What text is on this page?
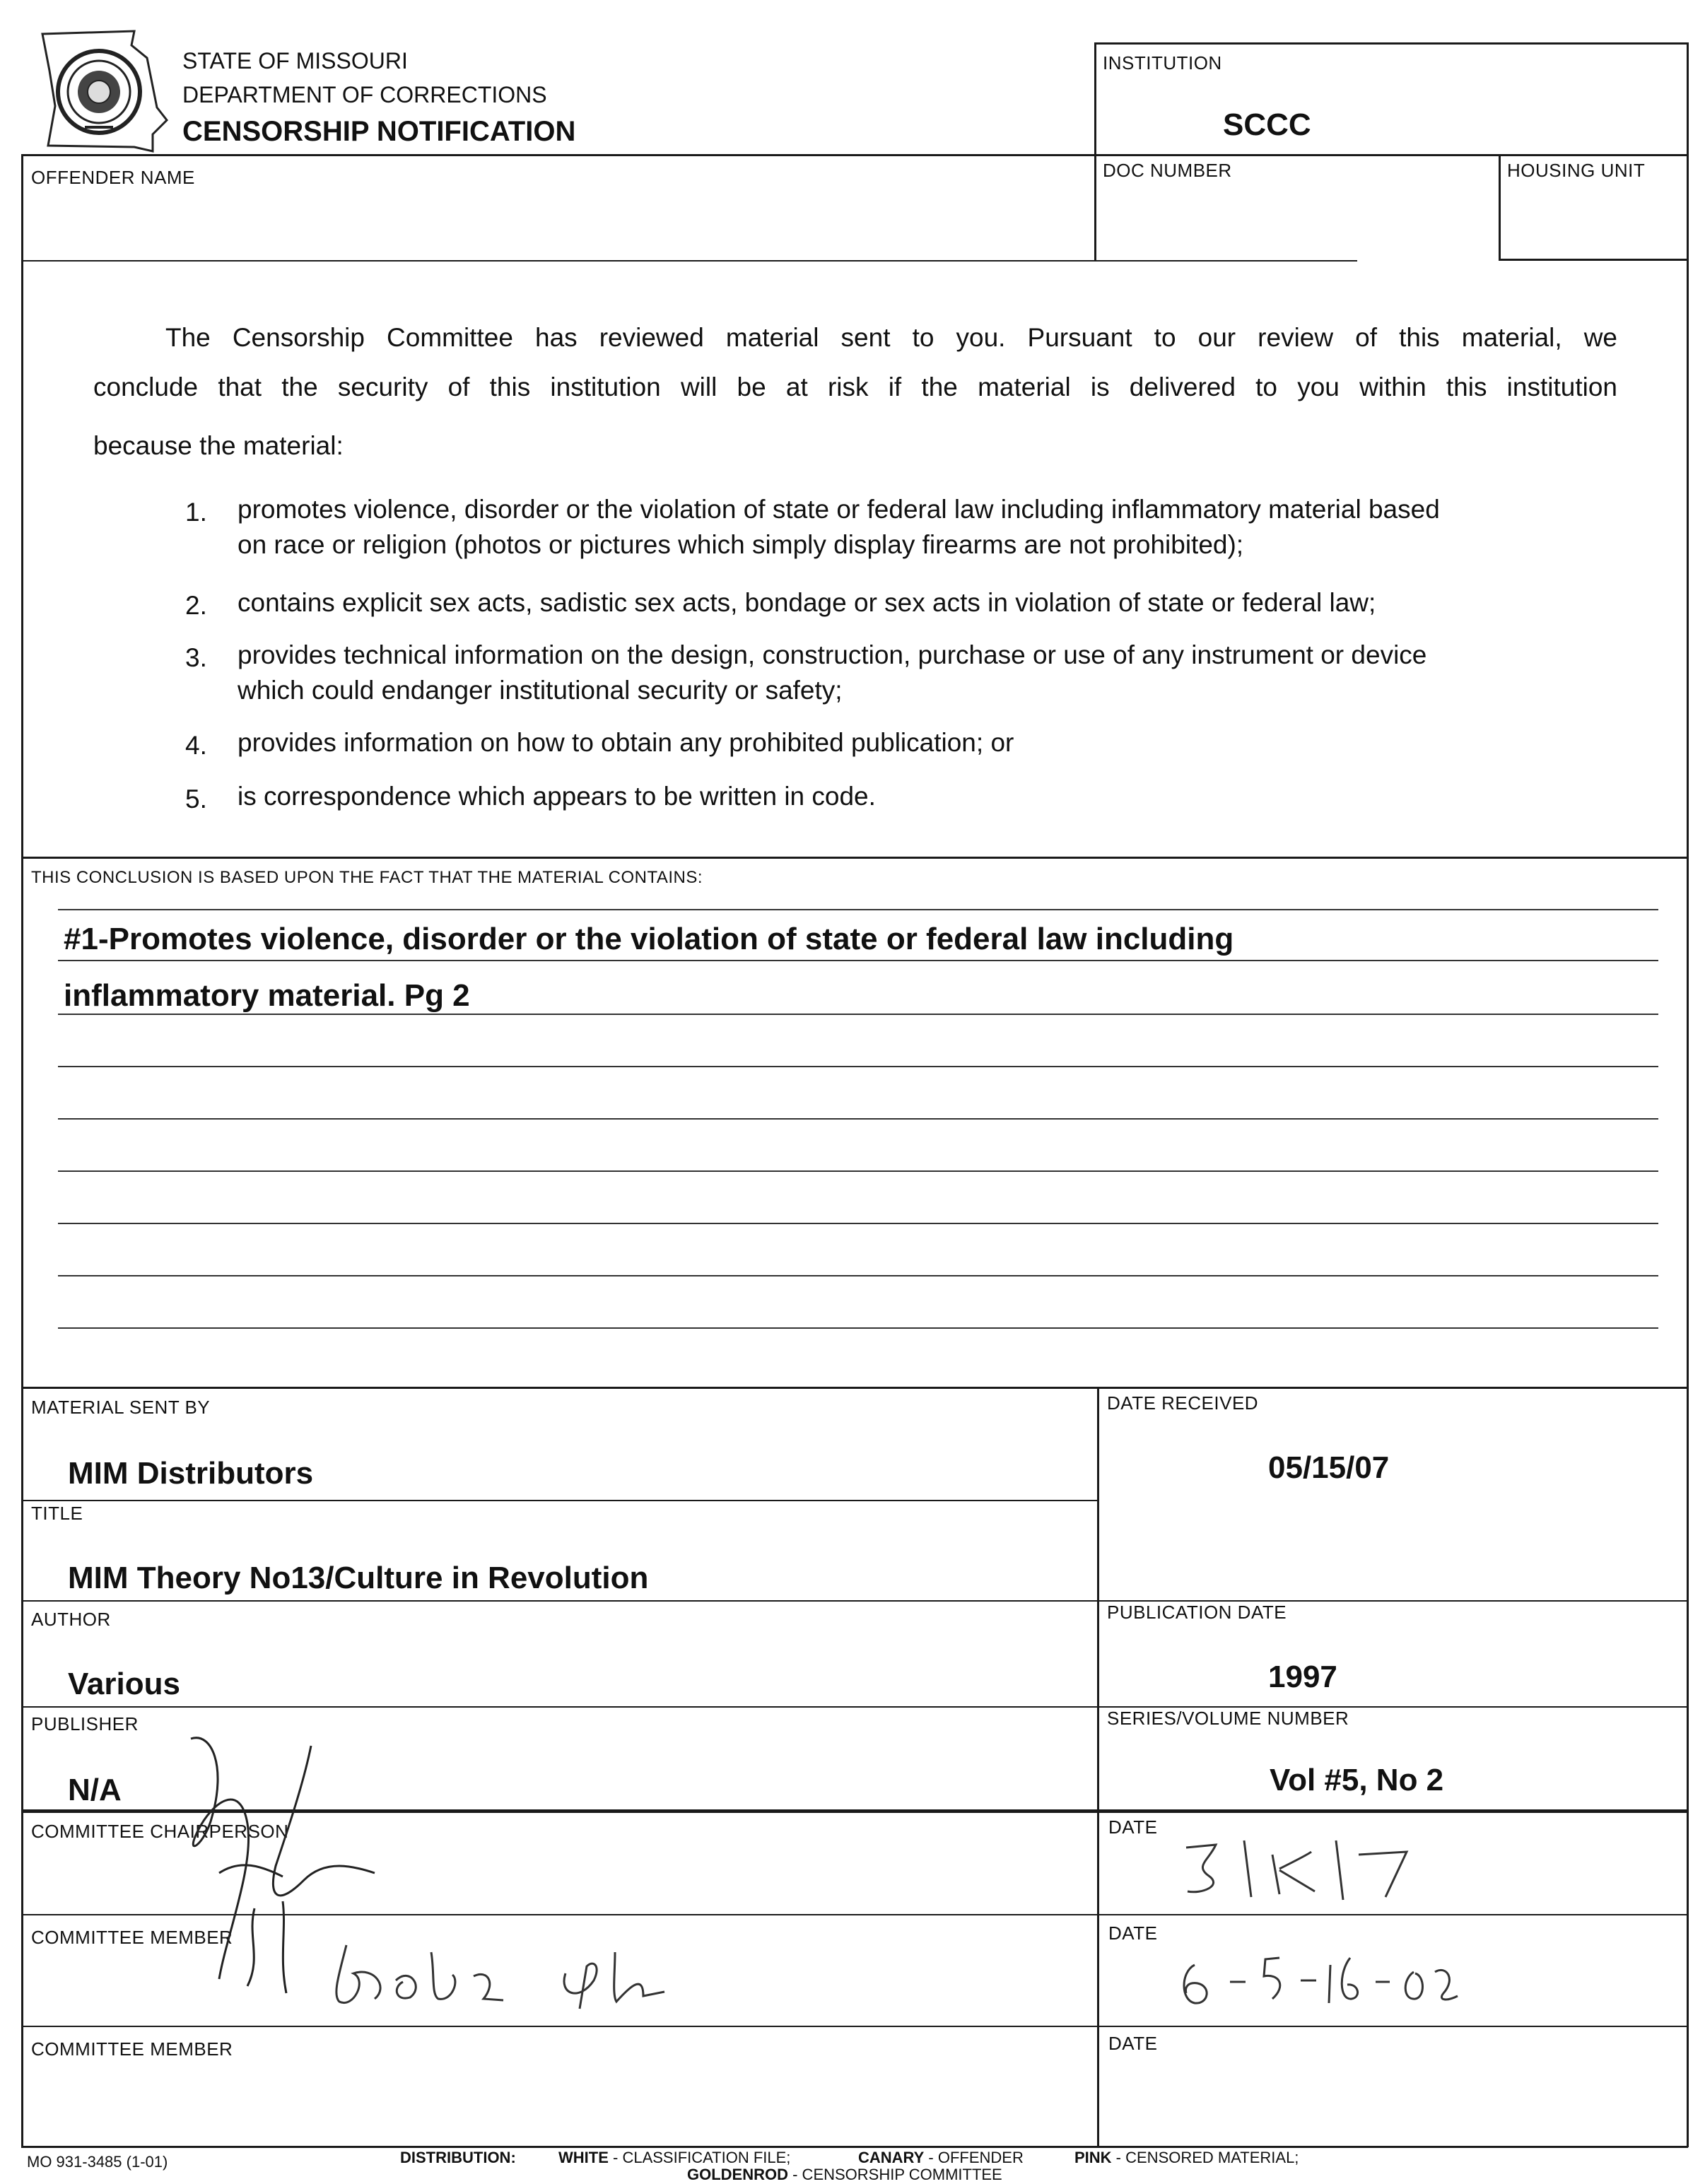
STATE OF MISSOURI
DEPARTMENT OF CORRECTIONS
CENSORSHIP NOTIFICATION
INSTITUTION
SCCC
OFFENDER NAME	DOC NUMBER	HOUSING UNIT
The Censorship Committee has reviewed material sent to you. Pursuant to our review of this material, we
conclude that the security of this institution will be at risk if the material is delivered to you within this institution
because the material:
1. promotes violence, disorder or the violation of state or federal law including inflammatory material based
on race or religion (photos or pictures which simply display firearms are not prohibited);
2. contains explicit sex acts, sadistic sex acts, bondage or sex acts in violation of state or federal law;
3. provides technical information on the design, construction, purchase or use of any instrument or device
which could endanger institutional security or safety;
4. provides information on how to obtain any prohibited publication; or
5. is correspondence which appears to be written in code.
THIS CONCLUSION IS BASED UPON THE FACT THAT THE MATERIAL CONTAINS:
#1-Promotes violence, disorder or the violation of state or federal law including
inflammatory material. Pg 2
MATERIAL SENT BY
MIM Distributors
DATE RECEIVED
05/15/07
TITLE
MIM Theory No13/Culture in Revolution
AUTHOR
Various
PUBLICATION DATE
1997
PUBLISHER
N/A
SERIES/VOLUME NUMBER
Vol #5, No 2
COMMITTEE CHAIRPERSON	DATE
COMMITTEE MEMBER	DATE
COMMITTEE MEMBER	DATE
MO 931-3485 (1-01)	DISTRIBUTION:	WHITE - CLASSIFICATION FILE;	CANARY - OFFENDER	PINK - CENSORED MATERIAL;
GOLDENROD - CENSORSHIP COMMITTEE
